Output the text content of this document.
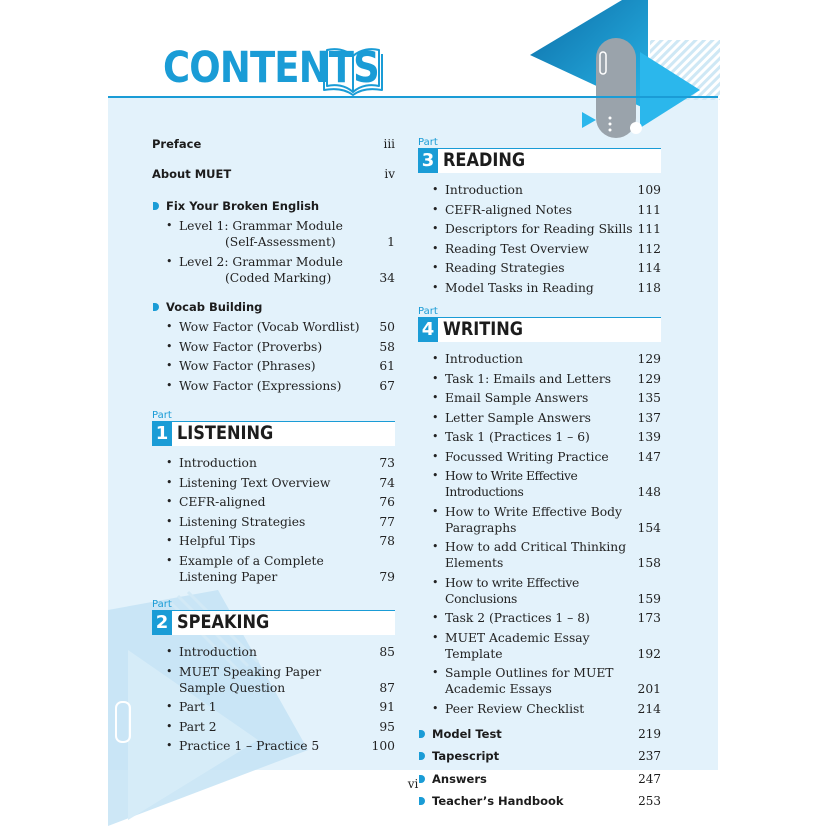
CONTENTS
Preface	iii
About MUET	iv
Fix Your Broken English
• Level 1: Grammar Module
(Self-Assessment)	1
• Level 2: Grammar Module
(Coded Marking)	34
Vocab Building
• Wow Factor (Vocab Wordlist)	50
• Wow Factor (Proverbs)	58
• Wow Factor (Phrases)	61
• Wow Factor (Expressions)	67
Part
1 LISTENING
• Introduction	73
• Listening Text Overview	74
• CEFR-aligned	76
• Listening Strategies	77
• Helpful Tips	78
• Example of a Complete
Listening Paper	79
Part
2 SPEAKING
• Introduction	85
• MUET Speaking Paper
Sample Question	87
• Part 1	91
• Part 2	95
• Practice 1 – Practice 5	100
Part
3 READING
• Introduction	109
• CEFR-aligned Notes	111
• Descriptors for Reading Skills 111
• Reading Test Overview	112
• Reading Strategies	114
• Model Tasks in Reading	118
Part
4 WRITING
• Introduction	129
• Task 1: Emails and Letters	129
• Email Sample Answers	135
• Letter Sample Answers	137
• Task 1 (Practices 1 – 6)	139
• Focussed Writing Practice	147
• How to Write Effective Introductions	148
• How to Write Effective Body
Paragraphs	154
• How to add Critical Thinking
Elements	158
• How to write Effective Conclusions	159
• Task 2 (Practices 1 – 8)	173
• MUET Academic Essay Template	192
• Sample Outlines for MUET
Academic Essays	201
• Peer Review Checklist	214
Model Test	219
Tapescript	237
Answers	247
Teacher’s Handbook	253
vi
